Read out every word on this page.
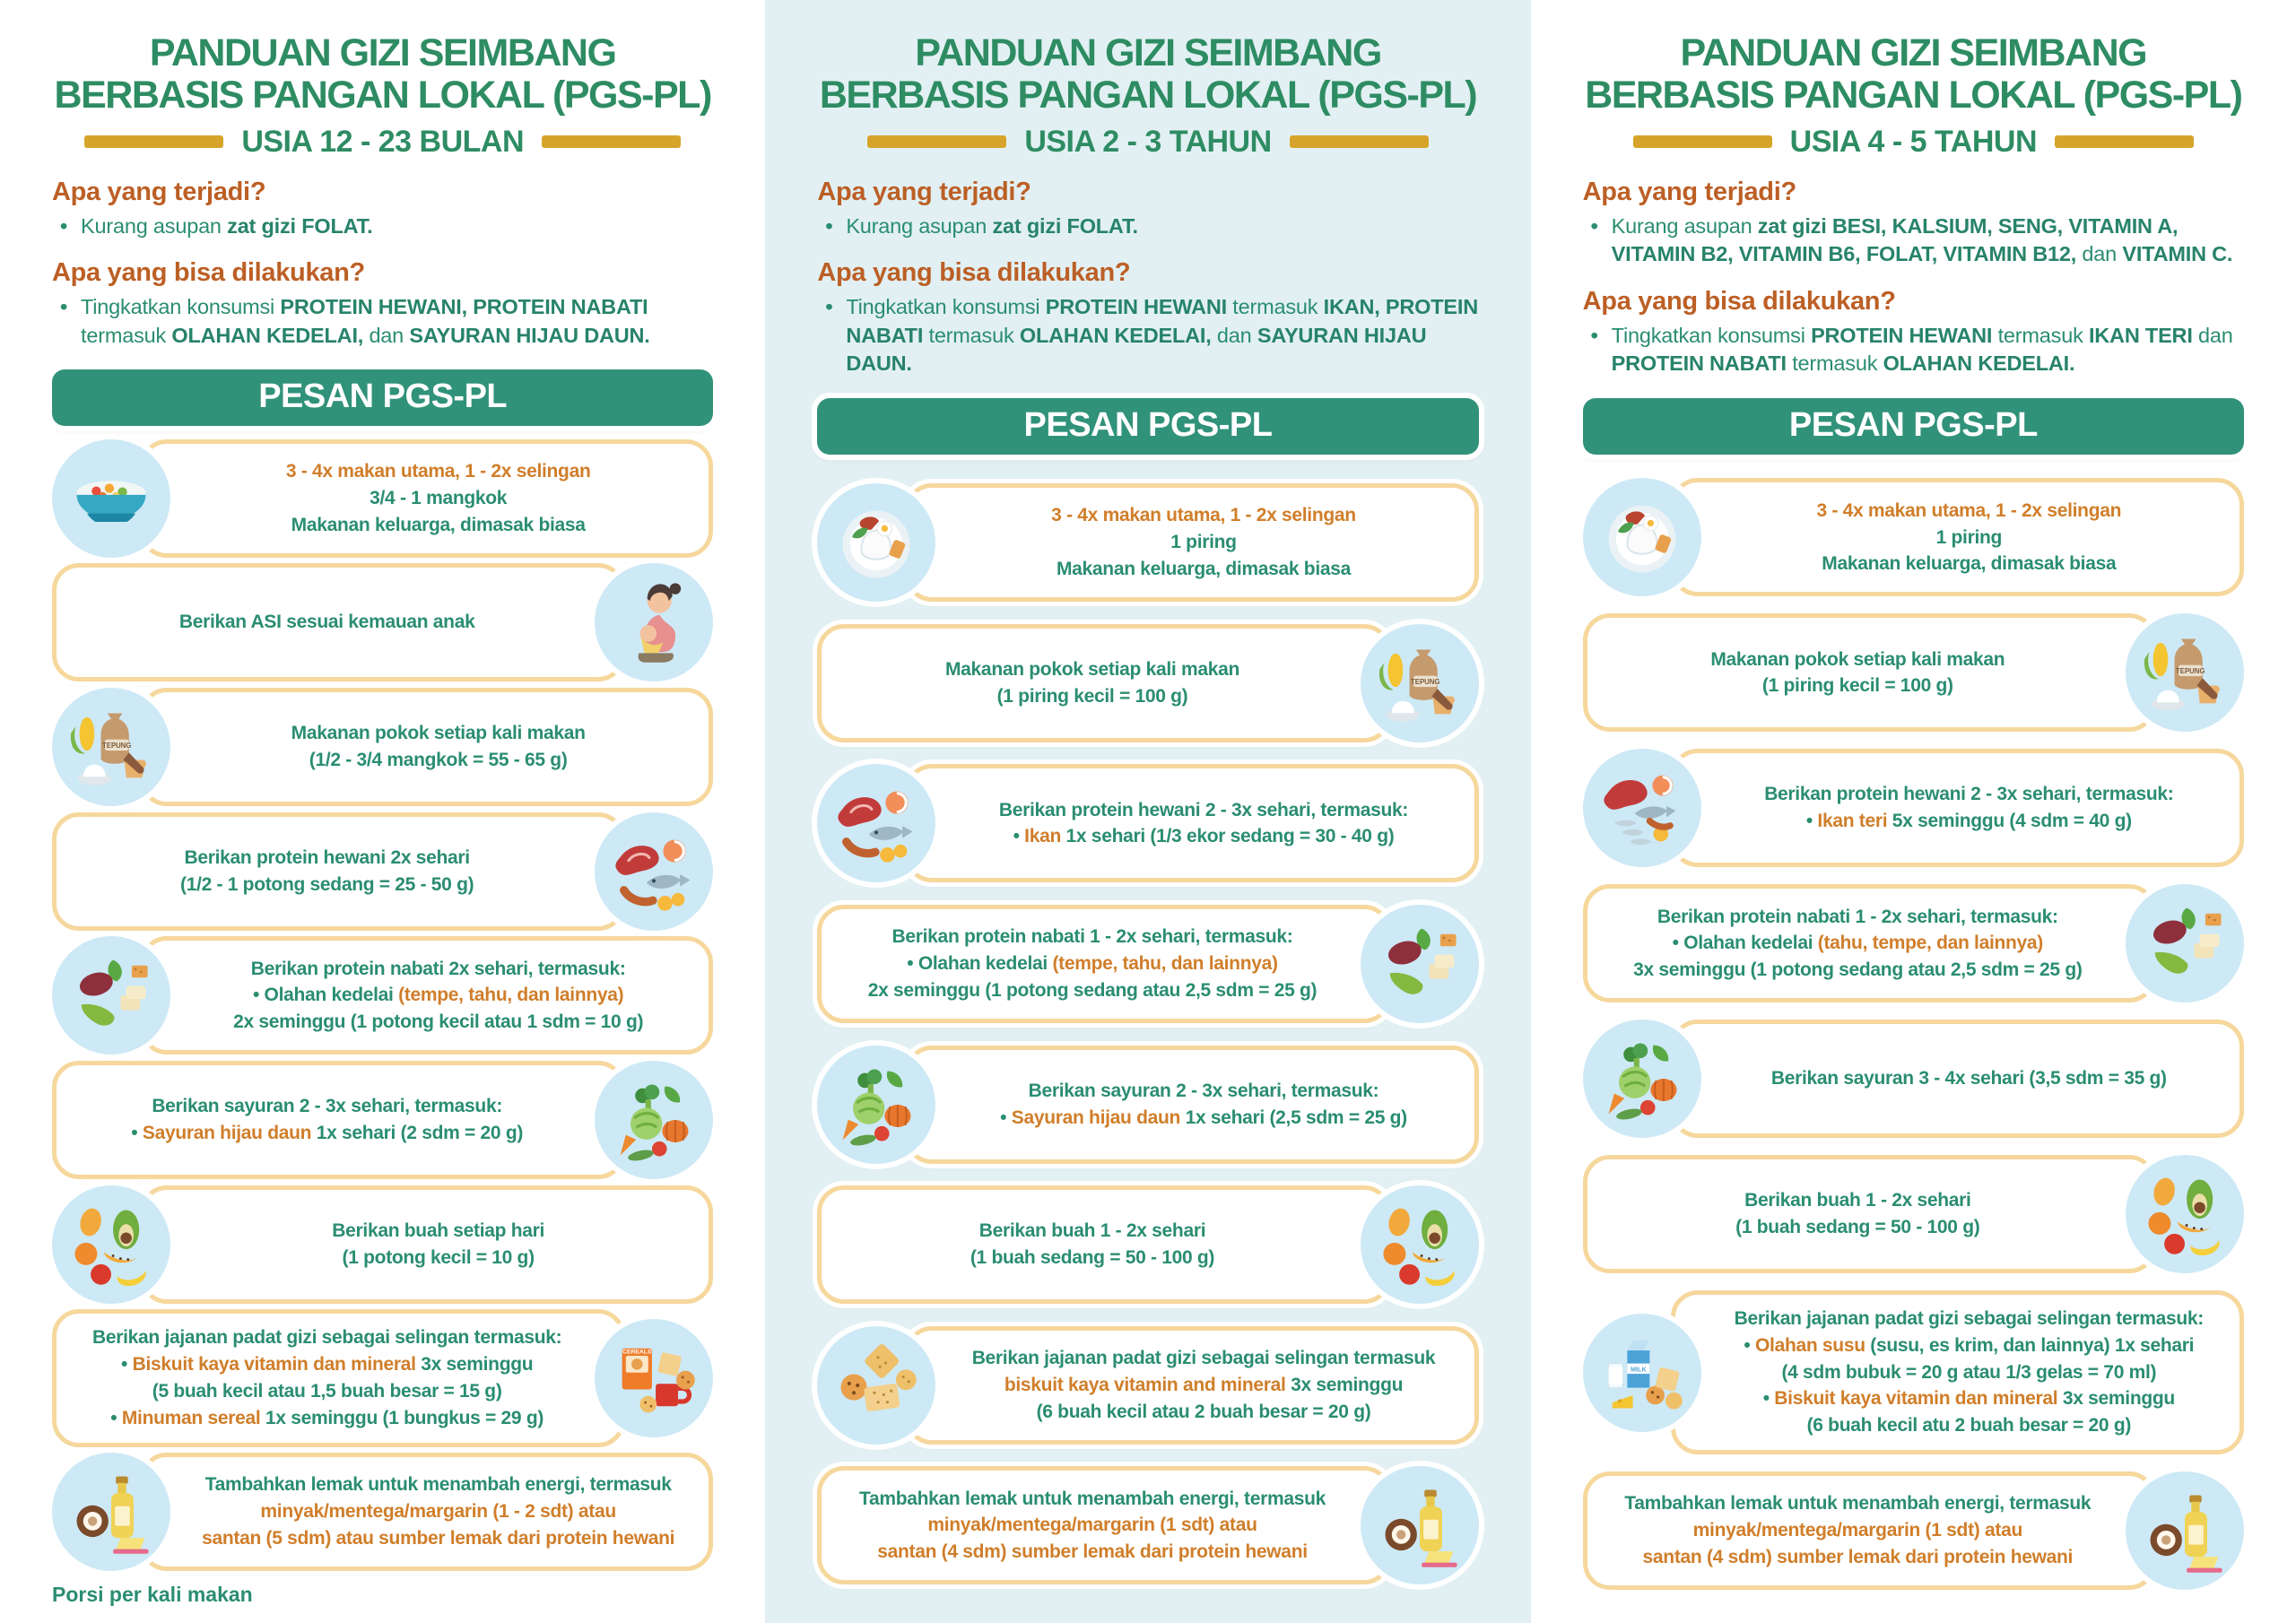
PANDUAN GIZI SEIMBANG
BERBASIS PANGAN LOKAL (PGS-PL)
USIA 12 - 23 BULAN
Apa yang terjadi?
• Kurang asupan zat gizi FOLAT.
Apa yang bisa dilakukan?
• Tingkatkan konsumsi PROTEIN HEWANI, PROTEIN NABATI termasuk OLAHAN KEDELAI, dan SAYURAN HIJAU DAUN.
PESAN PGS-PL
3 - 4x makan utama, 1 - 2x selingan
3/4 - 1 mangkok
Makanan keluarga, dimasak biasa
Berikan ASI sesuai kemauan anak
TEPUNG
Makanan pokok setiap kali makan
(1/2 - 3/4 mangkok = 55 - 65 g)
Berikan protein hewani 2x sehari
(1/2 - 1 potong sedang = 25 - 50 g)
Berikan protein nabati 2x sehari, termasuk:
• Olahan kedelai (tempe, tahu, dan lainnya)
2x seminggu (1 potong kecil atau 1 sdm = 10 g)
Berikan sayuran 2 - 3x sehari, termasuk:
• Sayuran hijau daun 1x sehari (2 sdm = 20 g)
Berikan buah setiap hari
(1 potong kecil = 10 g)
CEREALS
Berikan jajanan padat gizi sebagai selingan termasuk:
• Biskuit kaya vitamin dan mineral 3x seminggu
(5 buah kecil atau 1,5 buah besar = 15 g)
• Minuman sereal 1x seminggu (1 bungkus = 29 g)
Tambahkan lemak untuk menambah energi, termasuk
minyak/mentega/margarin (1 - 2 sdt) atau
santan (5 sdm) atau sumber lemak dari protein hewani
Porsi per kali makan
PANDUAN GIZI SEIMBANG
BERBASIS PANGAN LOKAL (PGS-PL)
USIA 2 - 3 TAHUN
Apa yang terjadi?
• Kurang asupan zat gizi FOLAT.
Apa yang bisa dilakukan?
• Tingkatkan konsumsi PROTEIN HEWANI termasuk IKAN, PROTEIN NABATI termasuk OLAHAN KEDELAI, dan SAYURAN HIJAU DAUN.
PESAN PGS-PL
3 - 4x makan utama, 1 - 2x selingan
1 piring
Makanan keluarga, dimasak biasa
TEPUNG
Makanan pokok setiap kali makan
(1 piring kecil = 100 g)
Berikan protein hewani 2 - 3x sehari, termasuk:
• Ikan 1x sehari (1/3 ekor sedang = 30 - 40 g)
Berikan protein nabati 1 - 2x sehari, termasuk:
• Olahan kedelai (tempe, tahu, dan lainnya)
2x seminggu (1 potong sedang atau 2,5 sdm = 25 g)
Berikan sayuran 2 - 3x sehari, termasuk:
• Sayuran hijau daun 1x sehari (2,5 sdm = 25 g)
Berikan buah 1 - 2x sehari
(1 buah sedang = 50 - 100 g)
Berikan jajanan padat gizi sebagai selingan termasuk
biskuit kaya vitamin and mineral 3x seminggu
(6 buah kecil atau 2 buah besar = 20 g)
Tambahkan lemak untuk menambah energi, termasuk
minyak/mentega/margarin (1 sdt) atau
santan (4 sdm) sumber lemak dari protein hewani
PANDUAN GIZI SEIMBANG
BERBASIS PANGAN LOKAL (PGS-PL)
USIA 4 - 5 TAHUN
Apa yang terjadi?
• Kurang asupan zat gizi BESI, KALSIUM, SENG, VITAMIN A, VITAMIN B2, VITAMIN B6, FOLAT, VITAMIN B12, dan VITAMIN C.
Apa yang bisa dilakukan?
• Tingkatkan konsumsi PROTEIN HEWANI termasuk IKAN TERI dan PROTEIN NABATI termasuk OLAHAN KEDELAI.
PESAN PGS-PL
3 - 4x makan utama, 1 - 2x selingan
1 piring
Makanan keluarga, dimasak biasa
TEPUNG
Makanan pokok setiap kali makan
(1 piring kecil = 100 g)
Berikan protein hewani 2 - 3x sehari, termasuk:
• Ikan teri 5x seminggu (4 sdm = 40 g)
Berikan protein nabati 1 - 2x sehari, termasuk:
• Olahan kedelai (tahu, tempe, dan lainnya)
3x seminggu (1 potong sedang atau 2,5 sdm = 25 g)
Berikan sayuran 3 - 4x sehari (3,5 sdm = 35 g)
Berikan buah 1 - 2x sehari
(1 buah sedang = 50 - 100 g)
MILK
Berikan jajanan padat gizi sebagai selingan termasuk:
• Olahan susu (susu, es krim, dan lainnya) 1x sehari
(4 sdm bubuk = 20 g atau 1/3 gelas = 70 ml)
• Biskuit kaya vitamin dan mineral 3x seminggu
(6 buah kecil atu 2 buah besar = 20 g)
Tambahkan lemak untuk menambah energi, termasuk
minyak/mentega/margarin (1 sdt) atau
santan (4 sdm) sumber lemak dari protein hewani
